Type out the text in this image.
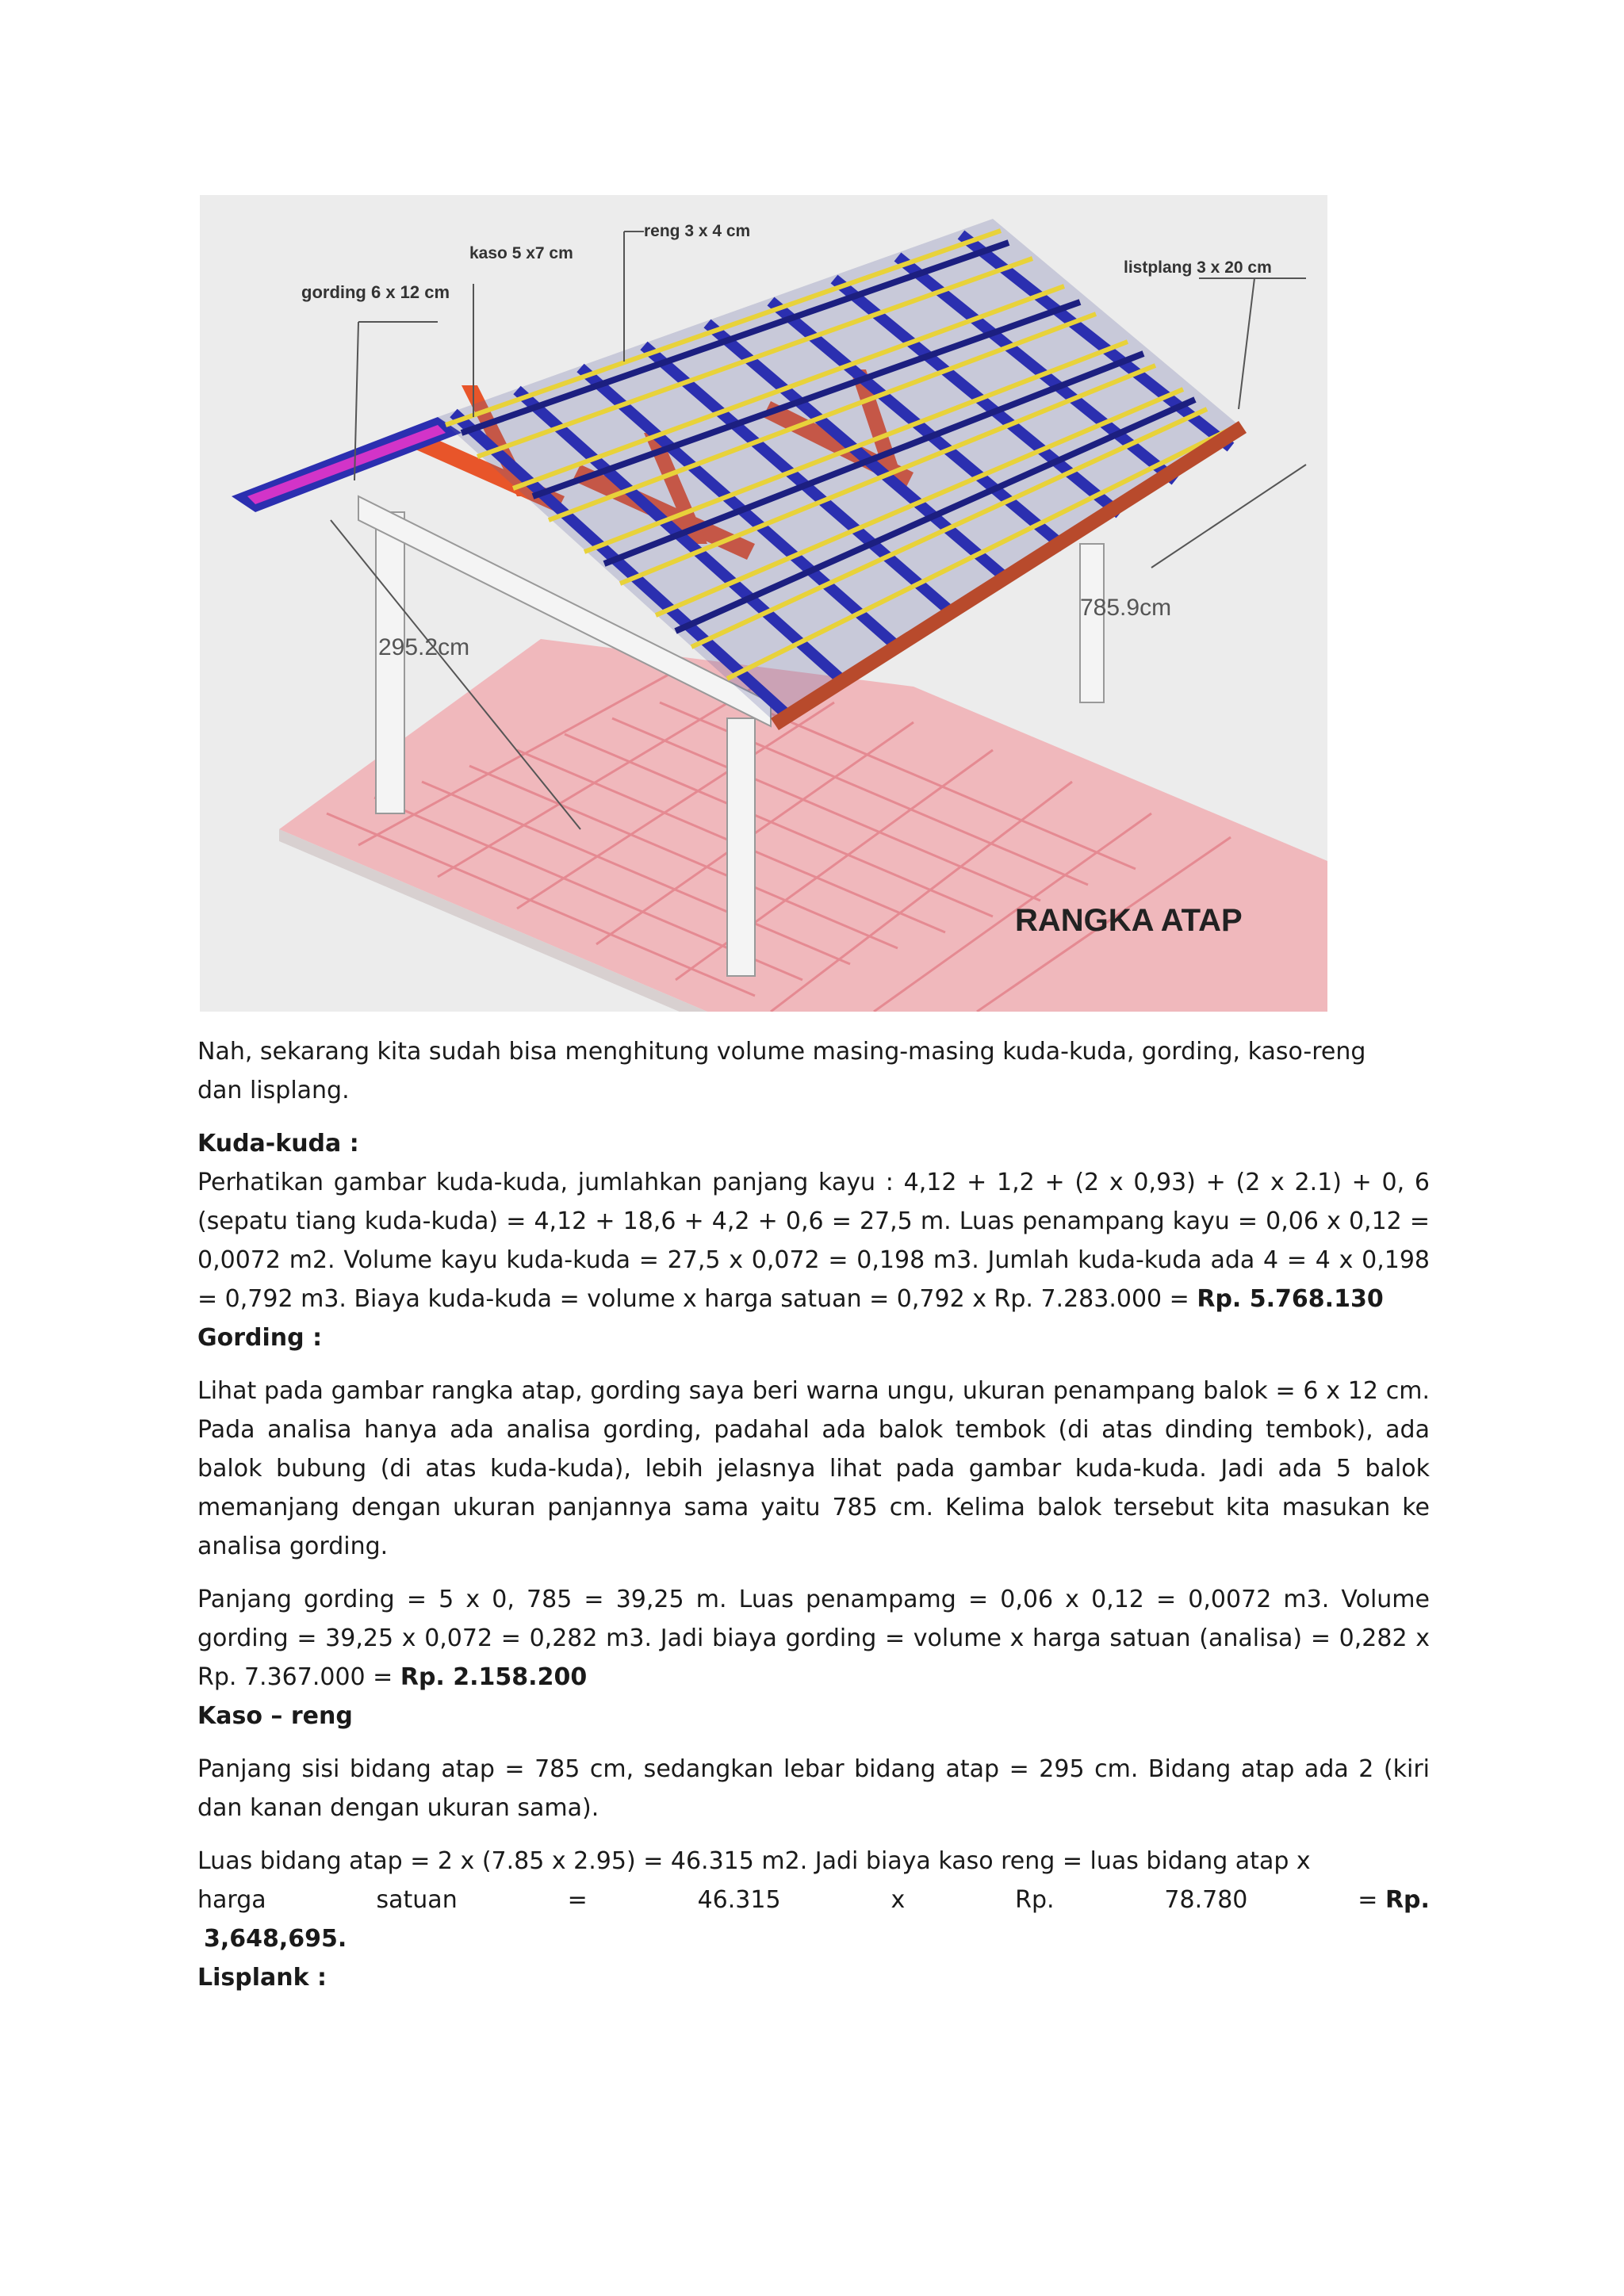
reng 3 x 4 cm
kaso 5 x7 cm
gording 6 x 12 cm
listplang 3 x 20 cm
785.9cm
295.2cm
RANGKA ATAP

Nah, sekarang kita sudah bisa menghitung volume masing-masing kuda-kuda, gording, kaso-reng

dan lisplang.

Kuda-kuda :

Perhatikan gambar kuda-kuda, jumlahkan panjang kayu : 4,12 + 1,2 + (2 x 0,93) + (2 x 2.1) + 0, 6 (sepatu tiang kuda-kuda) = 4,12 + 18,6 + 4,2 + 0,6 = 27,5 m. Luas penampang kayu = 0,06 x 0,12 = 0,0072 m2. Volume kayu kuda-kuda = 27,5 x 0,072 = 0,198 m3. Jumlah kuda-kuda ada 4 = 4 x 0,198 = 0,792 m3. Biaya kuda-kuda = volume x harga satuan = 0,792 x Rp. 7.283.000 = Rp. 5.768.130

Gording :

Lihat pada gambar rangka atap, gording saya beri warna ungu, ukuran penampang balok = 6 x 12 cm. Pada analisa hanya ada analisa gording, padahal ada balok tembok (di atas dinding tembok), ada balok bubung (di atas kuda-kuda), lebih jelasnya lihat pada gambar kuda-kuda. Jadi ada 5 balok memanjang dengan ukuran panjannya sama yaitu 785 cm. Kelima balok tersebut kita masukan ke analisa gording.

Panjang gording = 5 x 0, 785 = 39,25 m. Luas penampamg = 0,06 x 0,12 = 0,0072 m3. Volume gording = 39,25 x 0,072 = 0,282 m3. Jadi biaya gording = volume x harga satuan (analisa) = 0,282 x Rp. 7.367.000 = Rp. 2.158.200

Kaso – reng

Panjang sisi bidang atap = 785 cm, sedangkan lebar bidang atap = 295 cm. Bidang atap ada 2 (kiri dan kanan dengan ukuran sama).

Luas bidang atap = 2 x (7.85 x 2.95) = 46.315 m2. Jadi biaya kaso reng = luas bidang atap x

harga	satuan	=	46.315	x	Rp.	78.780	= Rp.

3,648,695.

Lisplank :
